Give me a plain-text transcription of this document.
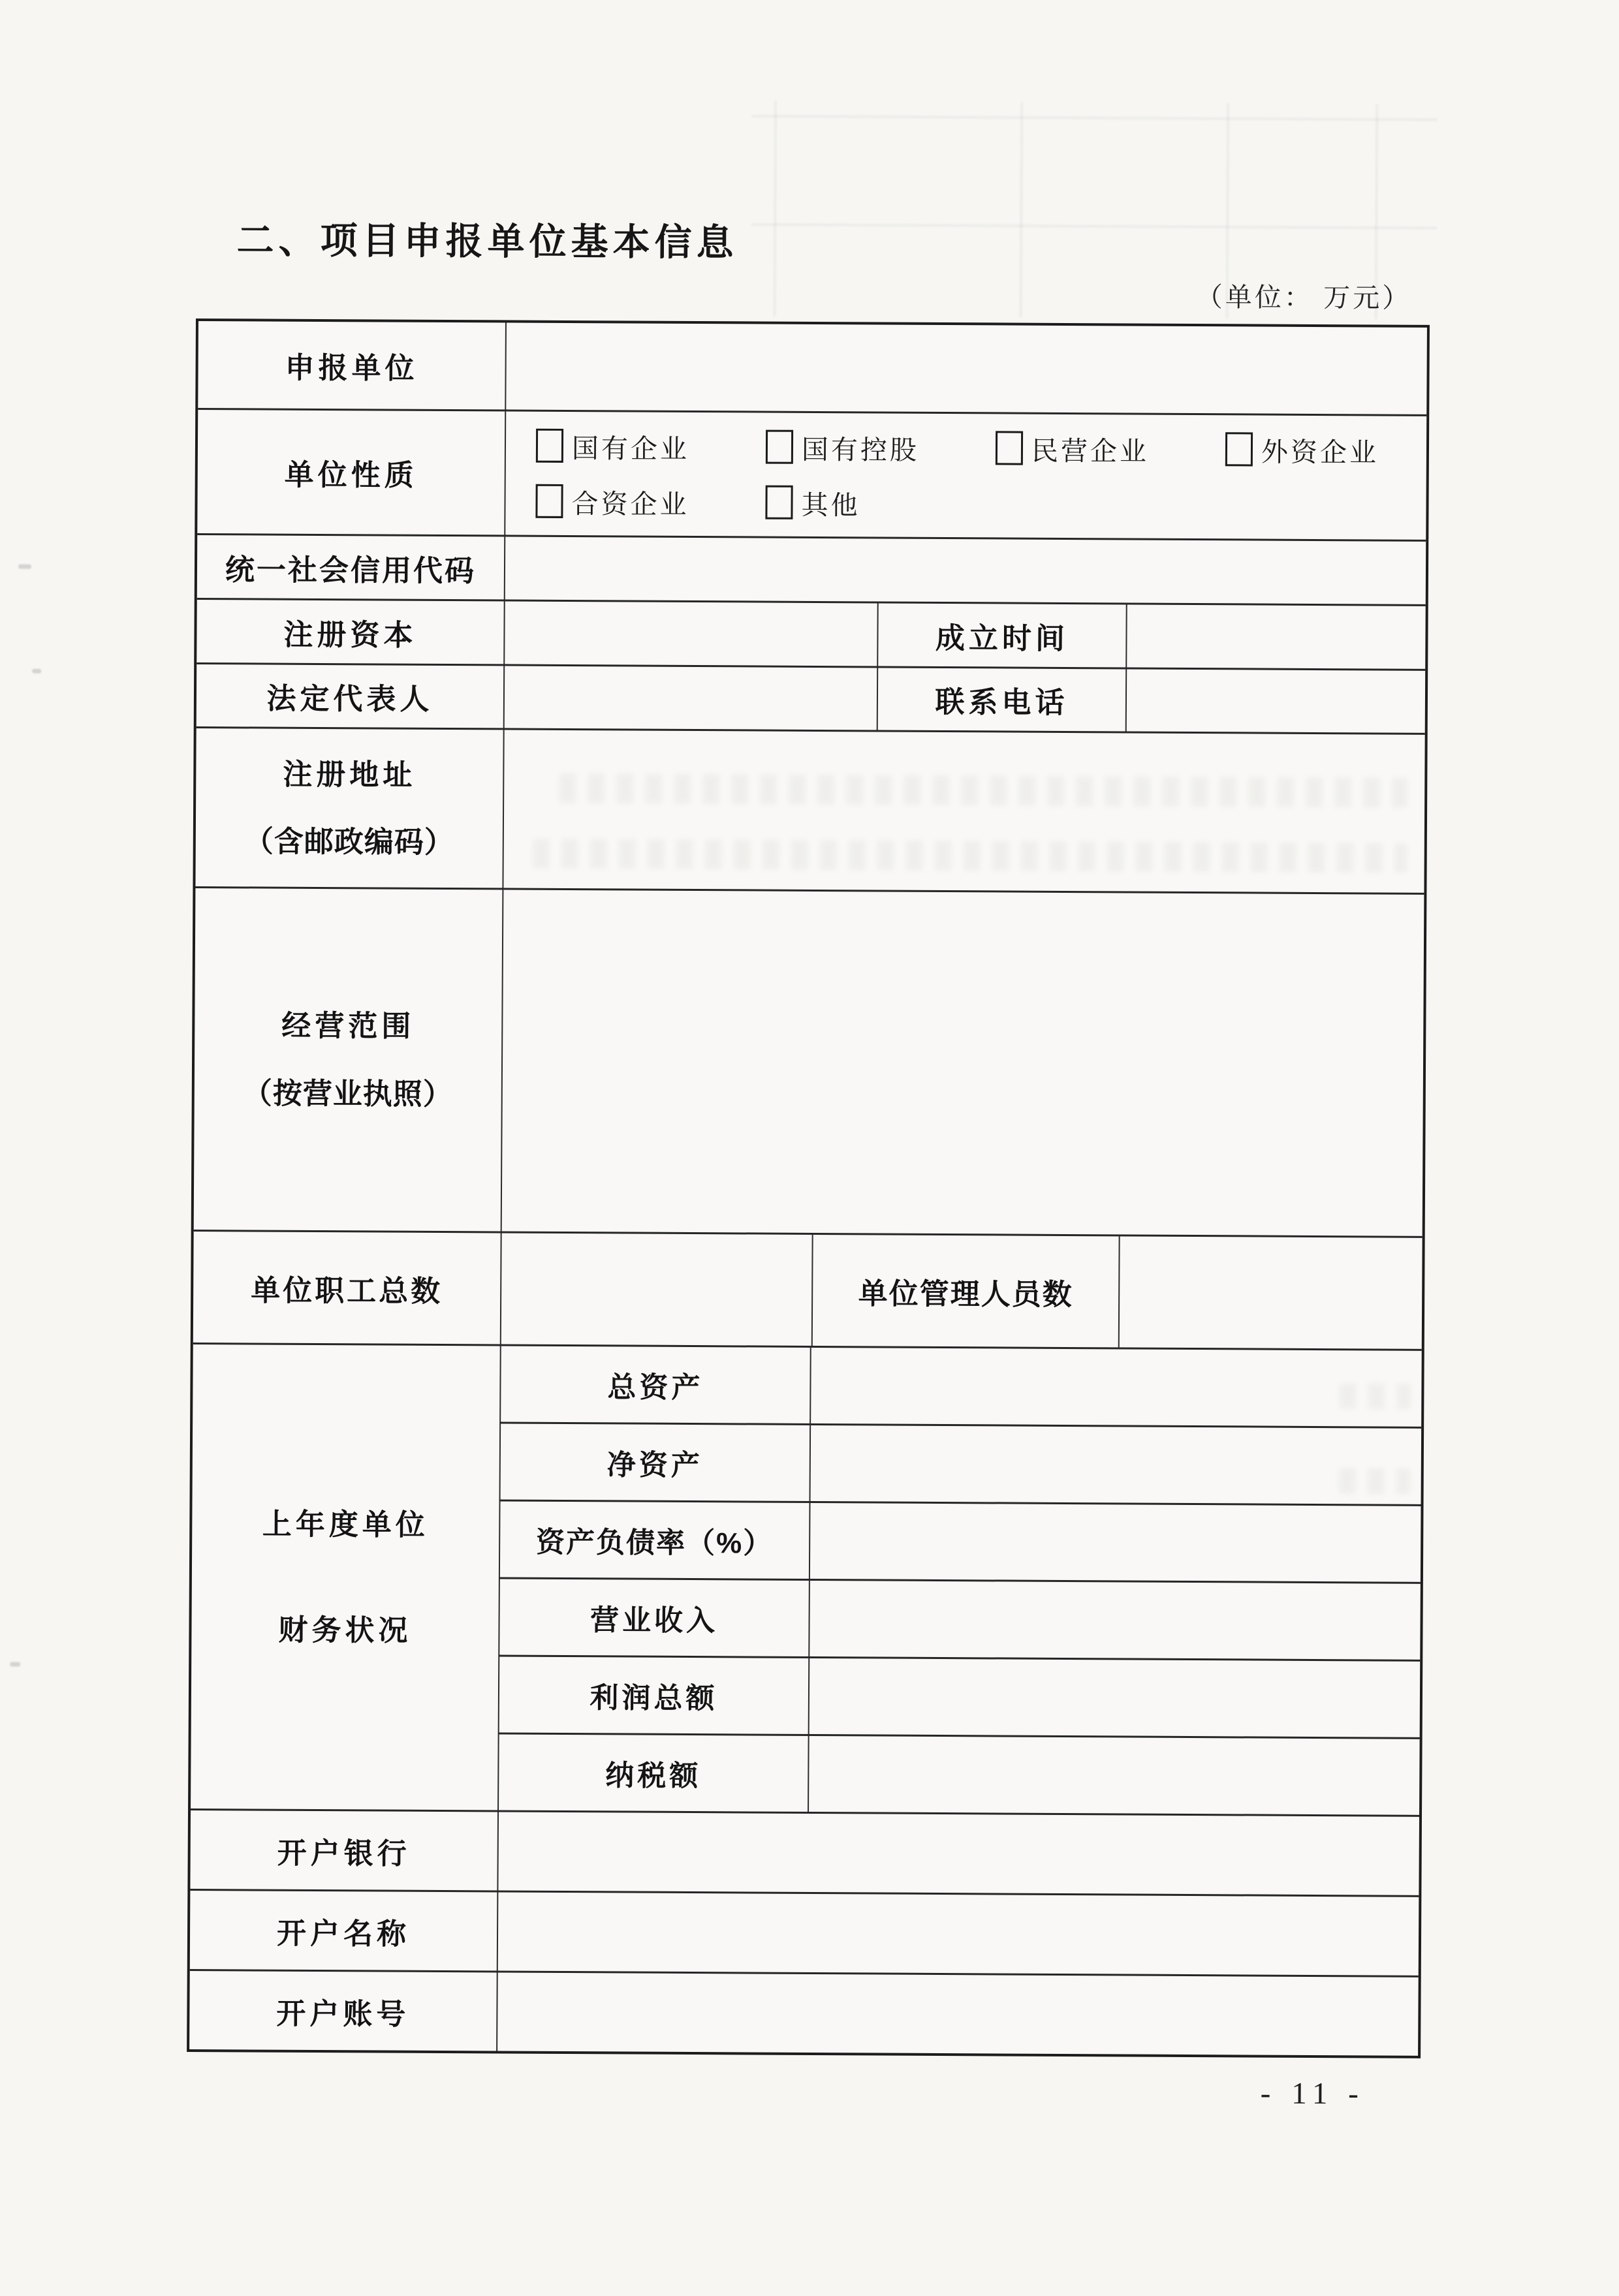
二、项目申报单位基本信息
（单位： 万元）
申报单位
单位性质
国有企业	国有控股	民营企业	外资企业
合资企业	其他
统一社会信用代码
注册资本	成立时间
法定代表人	联系电话
注册地址
（含邮政编码）
经营范围
（按营业执照）
单位职工总数	单位管理人员数
上年度单位
财务状况
总资产
净资产
资产负债率（%）
营业收入
利润总额
纳税额
开户银行
开户名称
开户账号
- 11 -
